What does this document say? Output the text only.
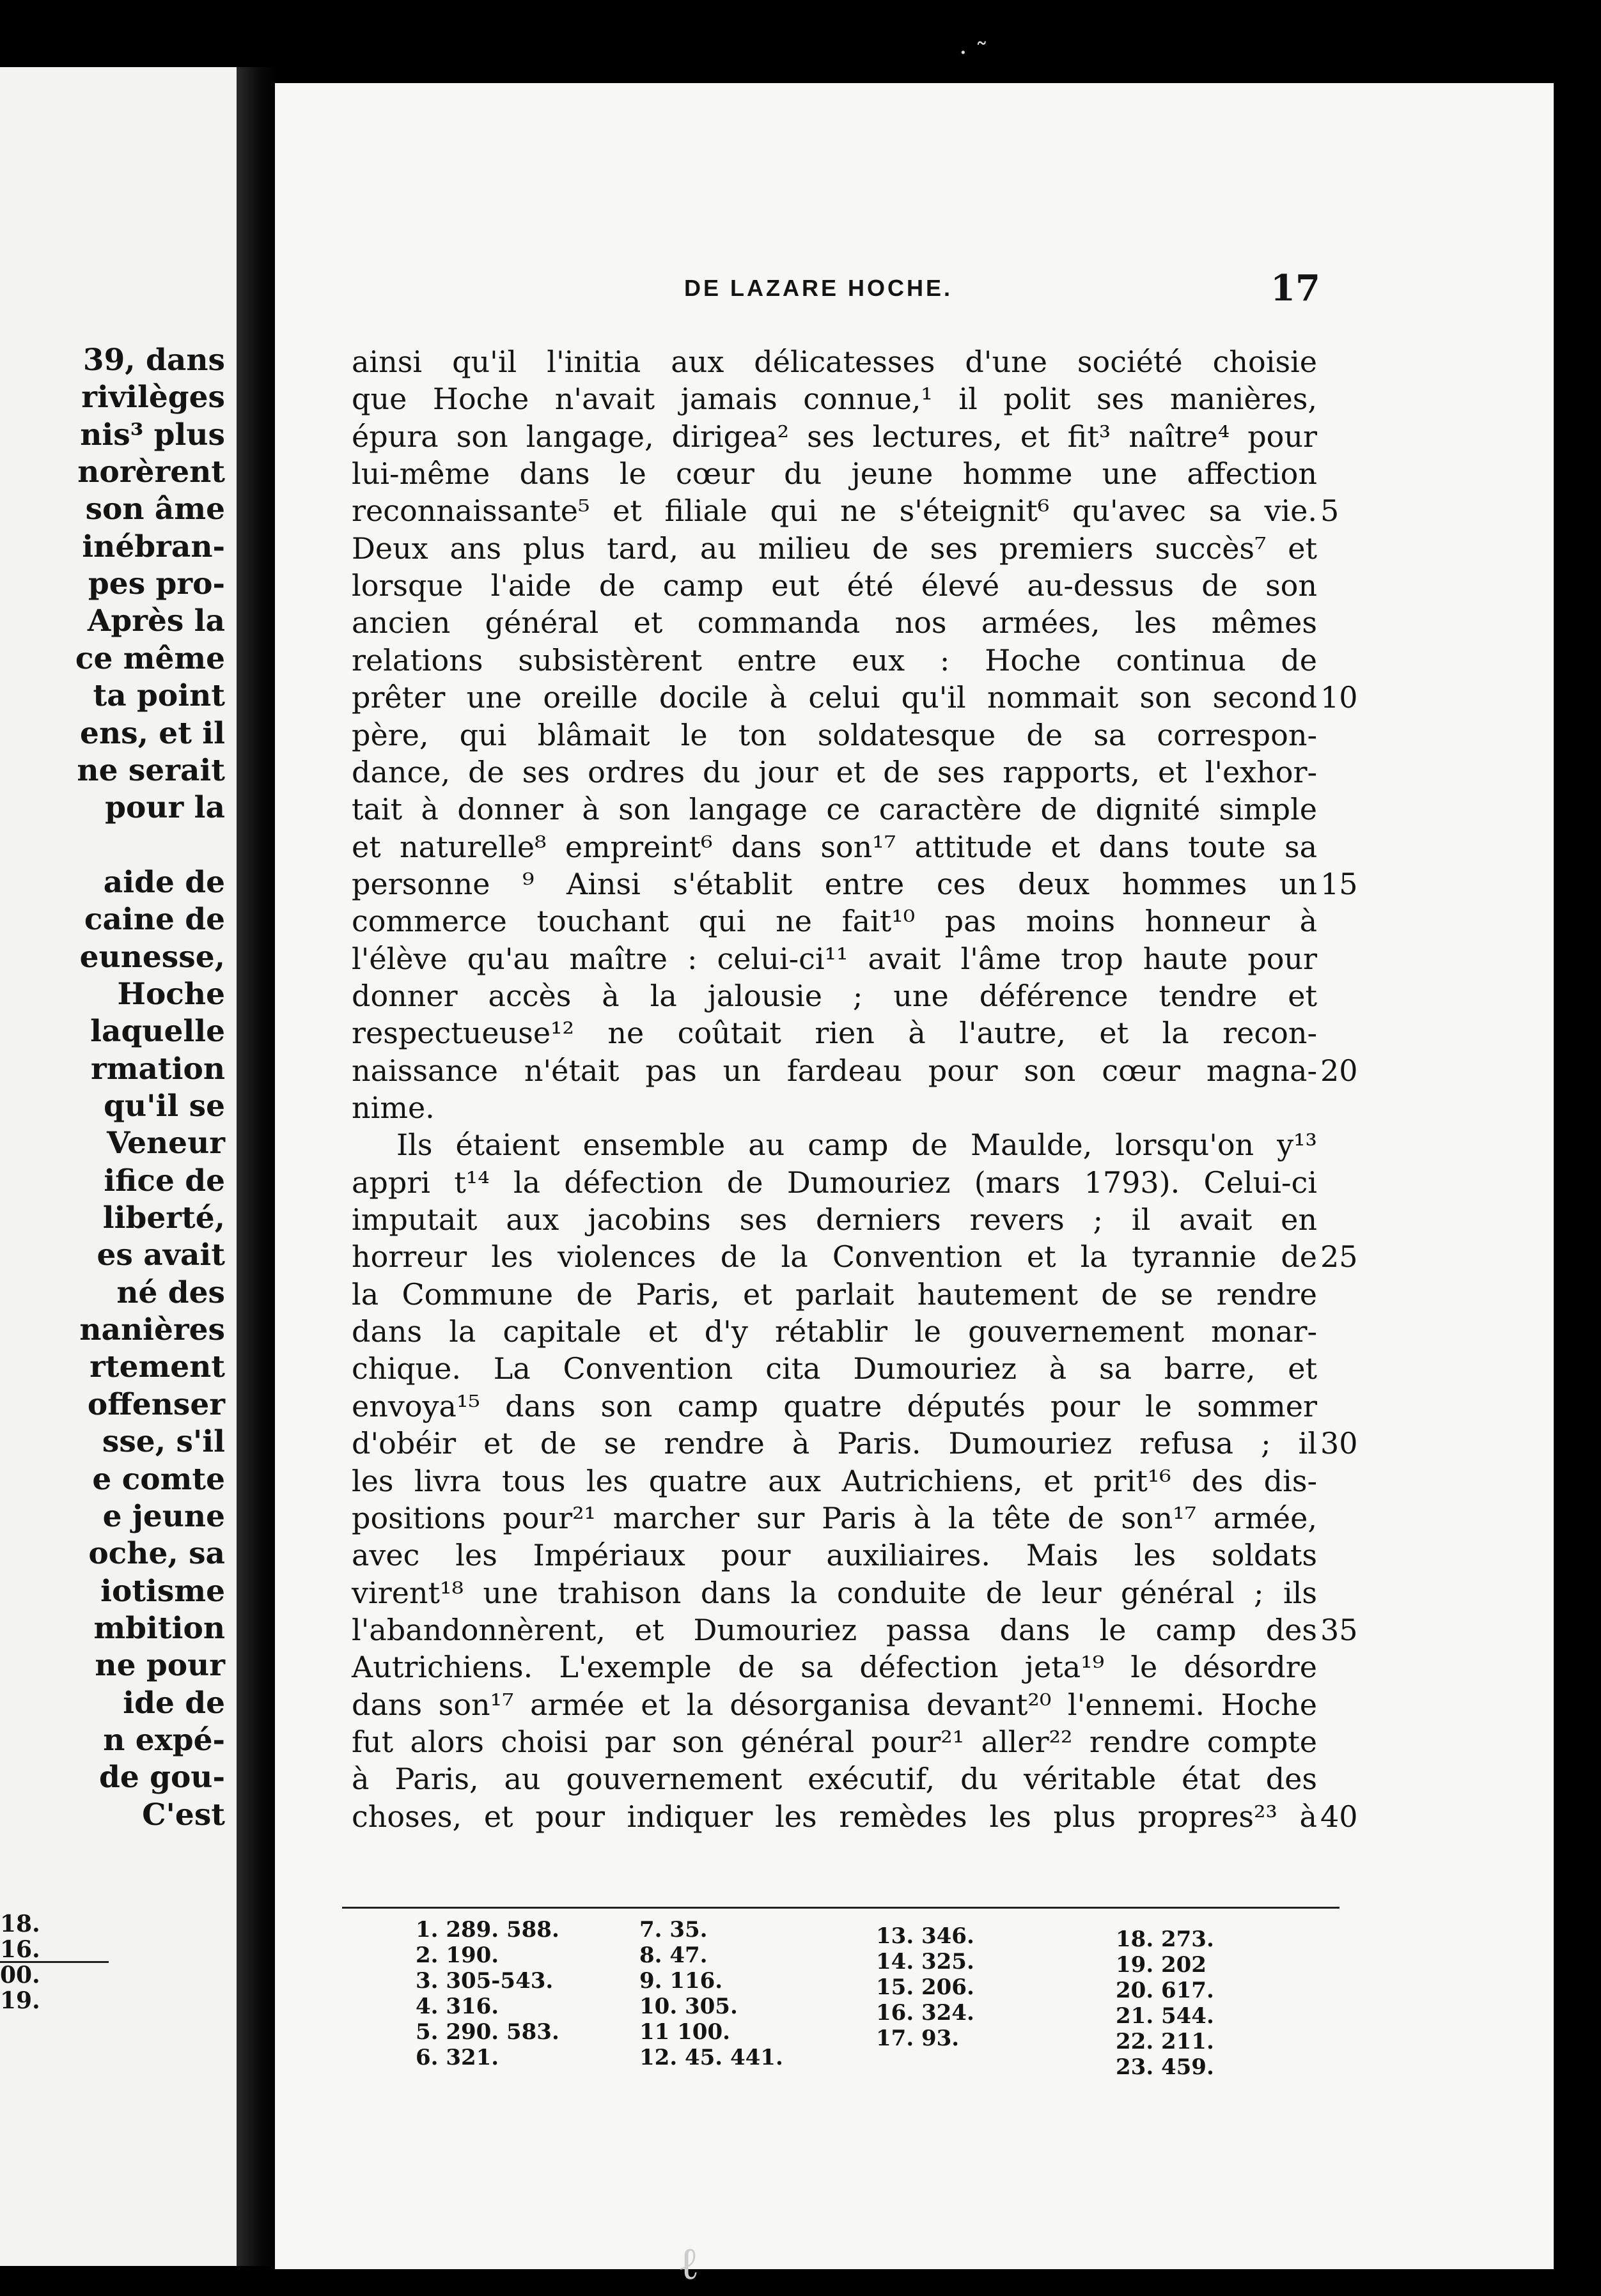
39, dans
rivilèges
nis³ plus
norèrent
son âme
inébran-
pes pro-
Après la
ce même
ta point
ens, et il
ne serait
pour la
aide de
caine de
eunesse,
Hoche
laquelle
rmation
qu'il se
Veneur
ifice de
liberté,
es avait
né des
nanières
rtement
offenser
sse, s'il
e comte
e jeune
oche, sa
iotisme
mbition
ne pour
ide de
n expé-
de gou-
C'est
18.
16.
00.
19.
DE LAZARE HOCHE.	17
ainsi qu'il l'initia aux délicatesses d'une société choisie
que Hoche n'avait jamais connue,¹ il polit ses manières,
épura son langage, dirigea² ses lectures, et fit³ naître⁴ pour
lui-même dans le cœur du jeune homme une affection
reconnaissante⁵ et filiale qui ne s'éteignit⁶ qu'avec sa vie.
Deux ans plus tard, au milieu de ses premiers succès⁷ et
lorsque l'aide de camp eut été élevé au-dessus de son
ancien général et commanda nos armées, les mêmes
relations subsistèrent entre eux : Hoche continua de
prêter une oreille docile à celui qu'il nommait son second
père, qui blâmait le ton soldatesque de sa correspon-
dance, de ses ordres du jour et de ses rapports, et l'exhor-
tait à donner à son langage ce caractère de dignité simple
et naturelle⁸ empreint⁶ dans son¹⁷ attitude et dans toute sa
personne ⁹ Ainsi s'établit entre ces deux hommes un
commerce touchant qui ne fait¹⁰ pas moins honneur à
l'élève qu'au maître : celui-ci¹¹ avait l'âme trop haute pour
donner accès à la jalousie ; une déférence tendre et
respectueuse¹² ne coûtait rien à l'autre, et la recon-
naissance n'était pas un fardeau pour son cœur magna-
nime.
Ils étaient ensemble au camp de Maulde, lorsqu'on y¹³
appri t¹⁴ la défection de Dumouriez (mars 1793). Celui-ci
imputait aux jacobins ses derniers revers ; il avait en
horreur les violences de la Convention et la tyrannie de
la Commune de Paris, et parlait hautement de se rendre
dans la capitale et d'y rétablir le gouvernement monar-
chique. La Convention cita Dumouriez à sa barre, et
envoya¹⁵ dans son camp quatre députés pour le sommer
d'obéir et de se rendre à Paris. Dumouriez refusa ; il
les livra tous les quatre aux Autrichiens, et prit¹⁶ des dis-
positions pour²¹ marcher sur Paris à la tête de son¹⁷ armée,
avec les Impériaux pour auxiliaires. Mais les soldats
virent¹⁸ une trahison dans la conduite de leur général ; ils
l'abandonnèrent, et Dumouriez passa dans le camp des
Autrichiens. L'exemple de sa défection jeta¹⁹ le désordre
dans son¹⁷ armée et la désorganisa devant²⁰ l'ennemi. Hoche
fut alors choisi par son général pour²¹ aller²² rendre compte
à Paris, au gouvernement exécutif, du véritable état des
choses, et pour indiquer les remèdes les plus propres²³ à
5
10
15
20
25
30
35
40
1. 289. 588.
2. 190.
3. 305-543.
4. 316.
5. 290. 583.
6. 321.
7. 35.
8. 47.
9. 116.
10. 305.
11 100.
12. 45. 441.
13. 346.
14. 325.
15. 206.
16. 324.
17. 93.
18. 273.
19. 202
20. 617.
21. 544.
22. 211.
23. 459.
· ˜
ℓ
